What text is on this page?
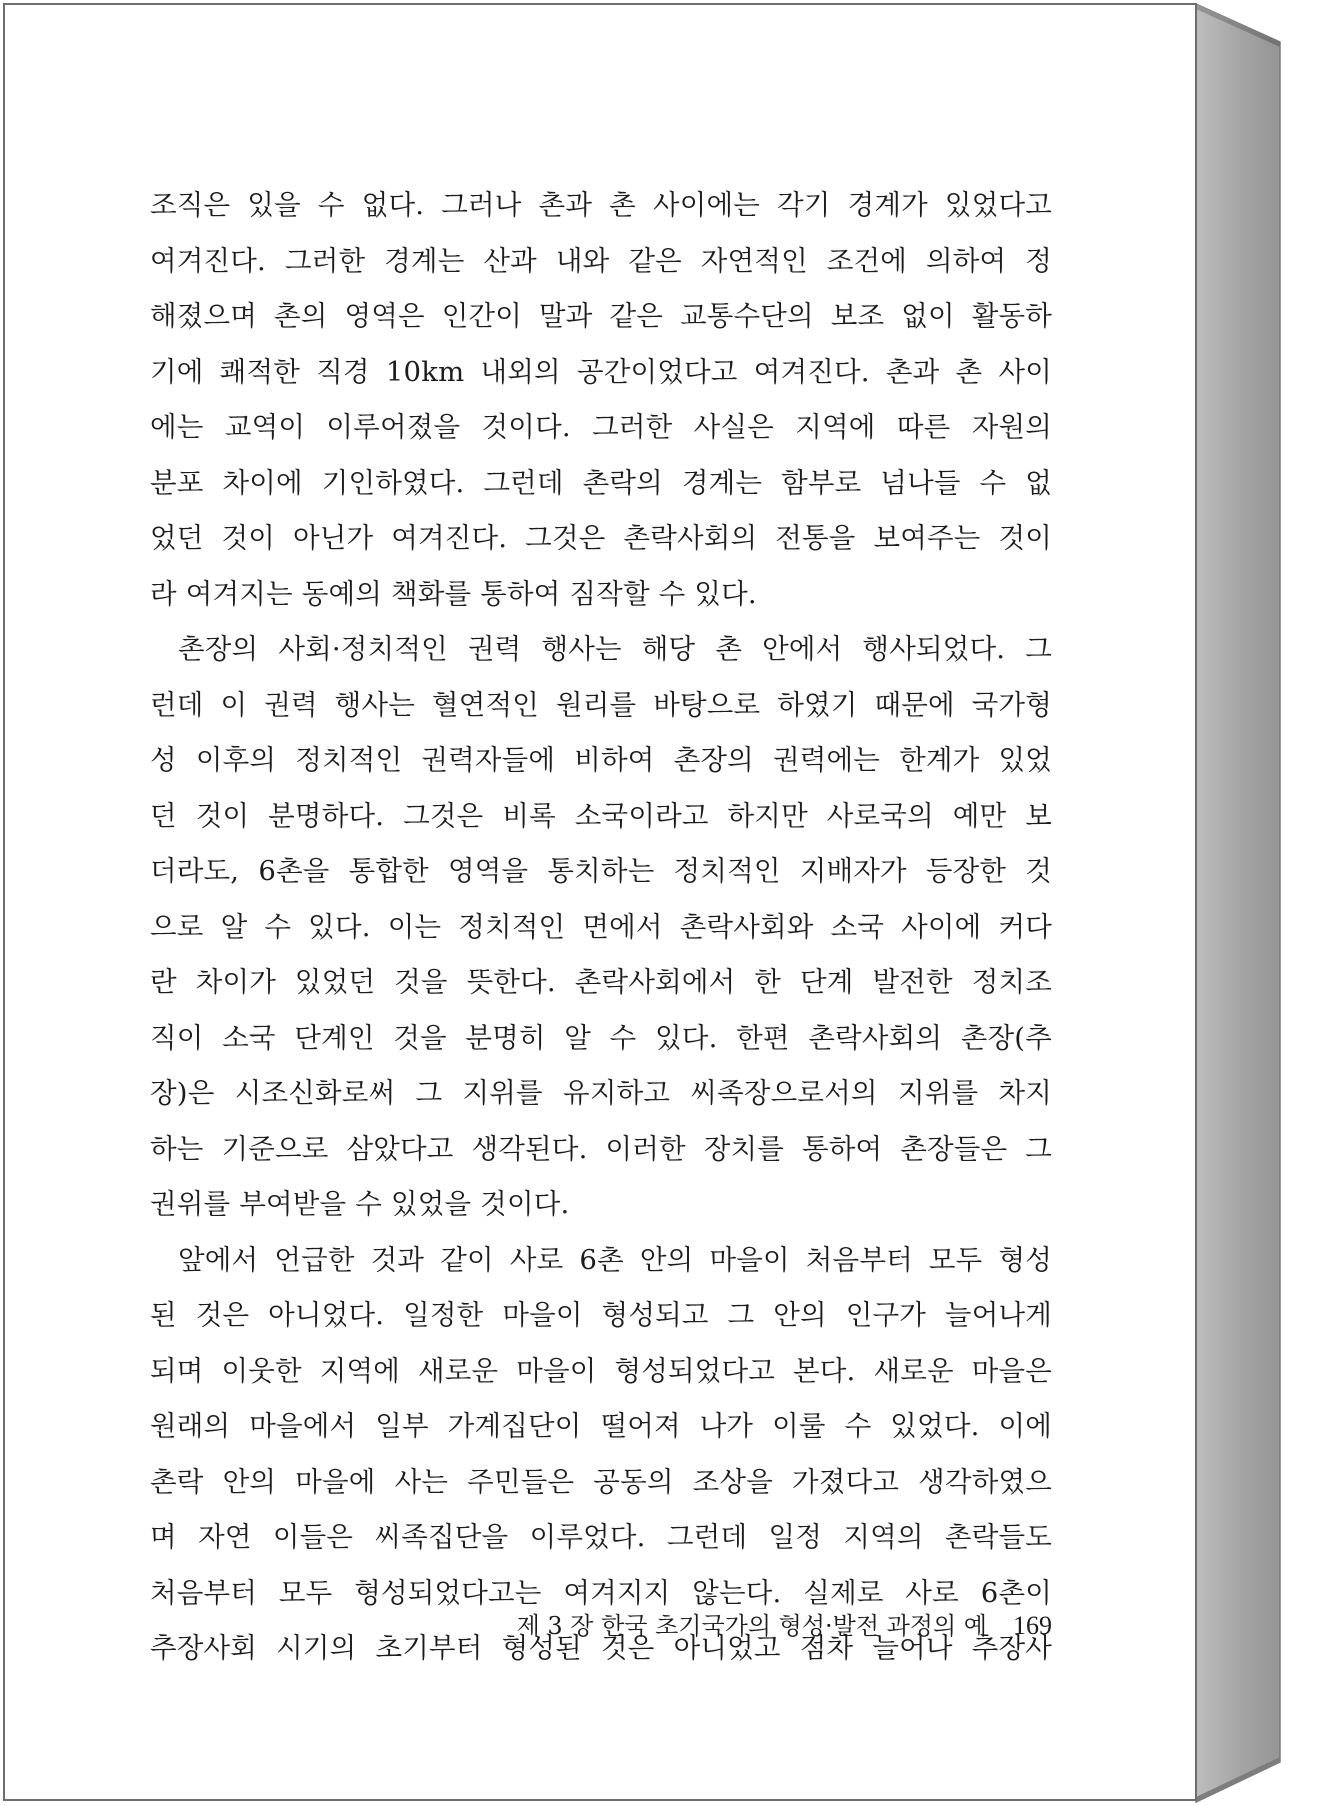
조직은 있을 수 없다. 그러나 촌과 촌 사이에는 각기 경계가 있었다고
여겨진다. 그러한 경계는 산과 내와 같은 자연적인 조건에 의하여 정
해졌으며 촌의 영역은 인간이 말과 같은 교통수단의 보조 없이 활동하
기에 쾌적한 직경 10km 내외의 공간이었다고 여겨진다. 촌과 촌 사이
에는 교역이 이루어졌을 것이다. 그러한 사실은 지역에 따른 자원의
분포 차이에 기인하였다. 그런데 촌락의 경계는 함부로 넘나들 수 없
었던 것이 아닌가 여겨진다. 그것은 촌락사회의 전통을 보여주는 것이
라 여겨지는 동예의 책화를 통하여 짐작할 수 있다.
촌장의 사회·정치적인 권력 행사는 해당 촌 안에서 행사되었다. 그
런데 이 권력 행사는 혈연적인 원리를 바탕으로 하였기 때문에 국가형
성 이후의 정치적인 권력자들에 비하여 촌장의 권력에는 한계가 있었
던 것이 분명하다. 그것은 비록 소국이라고 하지만 사로국의 예만 보
더라도, 6촌을 통합한 영역을 통치하는 정치적인 지배자가 등장한 것
으로 알 수 있다. 이는 정치적인 면에서 촌락사회와 소국 사이에 커다
란 차이가 있었던 것을 뜻한다. 촌락사회에서 한 단계 발전한 정치조
직이 소국 단계인 것을 분명히 알 수 있다. 한편 촌락사회의 촌장(추
장)은 시조신화로써 그 지위를 유지하고 씨족장으로서의 지위를 차지
하는 기준으로 삼았다고 생각된다. 이러한 장치를 통하여 촌장들은 그
권위를 부여받을 수 있었을 것이다.
앞에서 언급한 것과 같이 사로 6촌 안의 마을이 처음부터 모두 형성
된 것은 아니었다. 일정한 마을이 형성되고 그 안의 인구가 늘어나게
되며 이웃한 지역에 새로운 마을이 형성되었다고 본다. 새로운 마을은
원래의 마을에서 일부 가계집단이 떨어져 나가 이룰 수 있었다. 이에
촌락 안의 마을에 사는 주민들은 공동의 조상을 가졌다고 생각하였으
며 자연 이들은 씨족집단을 이루었다. 그런데 일정 지역의 촌락들도
처음부터 모두 형성되었다고는 여겨지지 않는다. 실제로 사로 6촌이
추장사회 시기의 초기부터 형성된 것은 아니었고 점차 늘어나 추장사
제 3 장 한국 초기국가의 형성·발전 과정의 예 169
